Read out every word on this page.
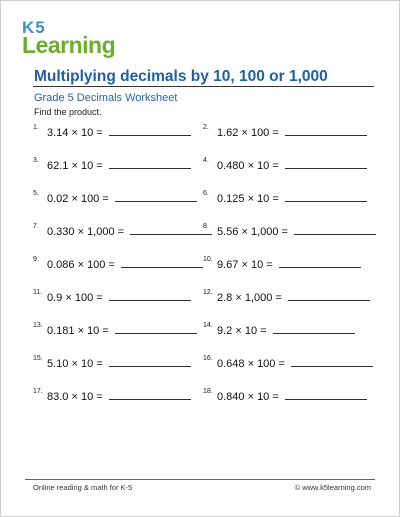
K5
Learning
Multiplying decimals by 10, 100 or 1,000
Grade 5 Decimals Worksheet
Find the product.
1. 3.14 × 10 =	2. 1.62 × 100 =
3. 62.1 × 10 =	4. 0.480 × 10 =
5. 0.02 × 100 =	6. 0.125 × 10 =
7. 0.330 × 1,000 =	8. 5.56 × 1,000 =
9. 0.086 × 100 =	10. 9.67 × 10 =
11. 0.9 × 100 =	12. 2.8 × 1,000 =
13. 0.181 × 10 =	14. 9.2 × 10 =
15. 5.10 × 10 =	16. 0.648 × 100 =
17. 83.0 × 10 =	18. 0.840 × 10 =
Online reading & math for K-5	© www.k5learning.com
